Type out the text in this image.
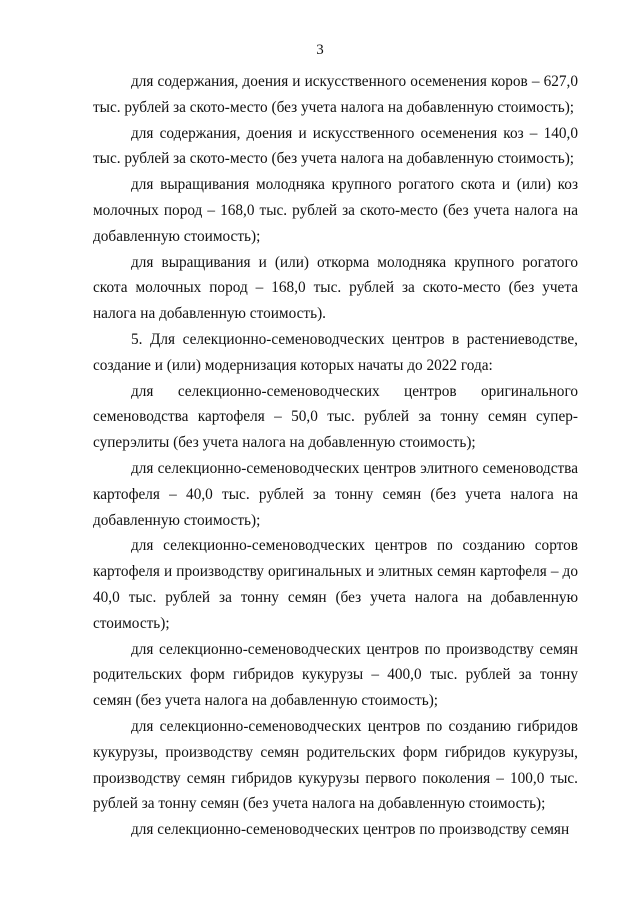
3

для содержания, доения и искусственного осеменения коров – 627,0 тыс. рублей за ското-место (без учета налога на добавленную стоимость);

для содержания, доения и искусственного осеменения коз – 140,0 тыс. рублей за ското-место (без учета налога на добавленную стоимость);

для выращивания молодняка крупного рогатого скота и (или) коз молочных пород – 168,0 тыс. рублей за ското-место (без учета налога на добавленную стоимость);

для выращивания и (или) откорма молодняка крупного рогатого скота молочных пород – 168,0 тыс. рублей за ското-место (без учета налога на добавленную стоимость).

5. Для селекционно-семеноводческих центров в растениеводстве, создание и (или) модернизация которых начаты до 2022 года:

для селекционно-семеноводческих центров оригинального семеноводства картофеля – 50,0 тыс. рублей за тонну семян супер-суперэлиты (без учета налога на добавленную стоимость);

для селекционно-семеноводческих центров элитного семеноводства картофеля – 40,0 тыс. рублей за тонну семян (без учета налога на добавленную стоимость);

для селекционно-семеноводческих центров по созданию сортов картофеля и производству оригинальных и элитных семян картофеля – до 40,0 тыс. рублей за тонну семян (без учета налога на добавленную стоимость);

для селекционно-семеноводческих центров по производству семян родительских форм гибридов кукурузы – 400,0 тыс. рублей за тонну семян (без учета налога на добавленную стоимость);

для селекционно-семеноводческих центров по созданию гибридов кукурузы, производству семян родительских форм гибридов кукурузы, производству семян гибридов кукурузы первого поколения – 100,0 тыс. рублей за тонну семян (без учета налога на добавленную стоимость);

для селекционно-семеноводческих центров по производству семян
